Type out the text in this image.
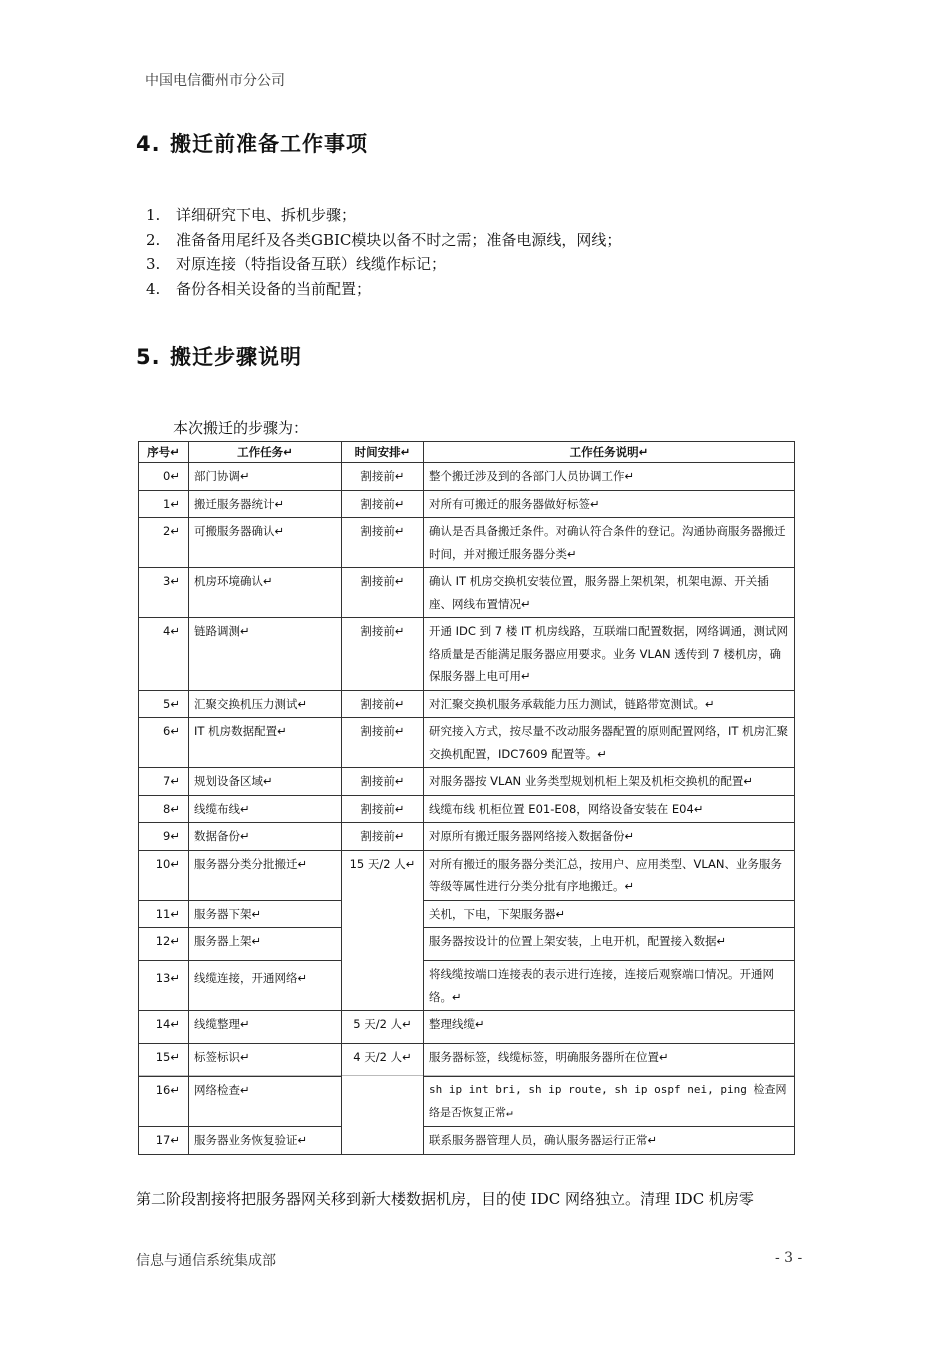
中国电信衢州市分公司
4. 搬迁前准备工作事项
1. 详细研究下电、拆机步骤；
2. 准备备用尾纤及各类GBIC模块以备不时之需；准备电源线，网线；
3. 对原连接（特指设备互联）线缆作标记；
4. 备份各相关设备的当前配置；
5. 搬迁步骤说明
本次搬迁的步骤为：
序号↵	工作任务↵	时间安排↵	工作任务说明↵
0↵	部门协调↵	割接前↵	整个搬迁涉及到的各部门人员协调工作↵
1↵	搬迁服务器统计↵	割接前↵	对所有可搬迁的服务器做好标签↵
2↵	可搬服务器确认↵	割接前↵	确认是否具备搬迁条件。对确认符合条件的登记。沟通协商服务器搬迁时间，并对搬迁服务器分类↵
3↵	机房环境确认↵	割接前↵	确认 IT 机房交换机安装位置，服务器上架机架，机架电源、开关插座、网线布置情况↵
4↵	链路调测↵	割接前↵	开通 IDC 到 7 楼 IT 机房线路，互联端口配置数据，网络调通，测试网络质量是否能满足服务器应用要求。业务 VLAN 透传到 7 楼机房，确保服务器上电可用↵
5↵	汇聚交换机压力测试↵	割接前↵	对汇聚交换机服务承载能力压力测试，链路带宽测试。↵
6↵	IT 机房数据配置↵	割接前↵	研究接入方式，按尽量不改动服务器配置的原则配置网络，IT 机房汇聚交换机配置，IDC7609 配置等。↵
7↵	规划设备区域↵	割接前↵	对服务器按 VLAN 业务类型规划机柜上架及机柜交换机的配置↵
8↵	线缆布线↵	割接前↵	线缆布线 机柜位置 E01-E08，网络设备安装在 E04↵
9↵	数据备份↵	割接前↵	对原所有搬迁服务器网络接入数据备份↵
10↵	服务器分类分批搬迁↵	15 天/2 人↵	对所有搬迁的服务器分类汇总，按用户、应用类型、VLAN、业务服务等级等属性进行分类分批有序地搬迁。↵
11↵	服务器下架↵		关机，下电，下架服务器↵
12↵	服务器上架↵		服务器按设计的位置上架安装，上电开机，配置接入数据↵
13↵	线缆连接，开通网络↵		将线缆按端口连接表的表示进行连接，连接后观察端口情况。开通网络。↵
14↵	线缆整理↵	5 天/2 人↵	整理线缆↵
15↵	标签标识↵	4 天/2 人↵	服务器标签，线缆标签，明确服务器所在位置↵
16↵	网络检查↵		sh ip int bri, sh ip route, sh ip ospf nei, ping 检查网络是否恢复正常↵
17↵	服务器业务恢复验证↵		联系服务器管理人员，确认服务器运行正常↵
第二阶段割接将把服务器网关移到新大楼数据机房，目的使 IDC 网络独立。清理 IDC 机房零
信息与通信系统集成部	- 3 -
